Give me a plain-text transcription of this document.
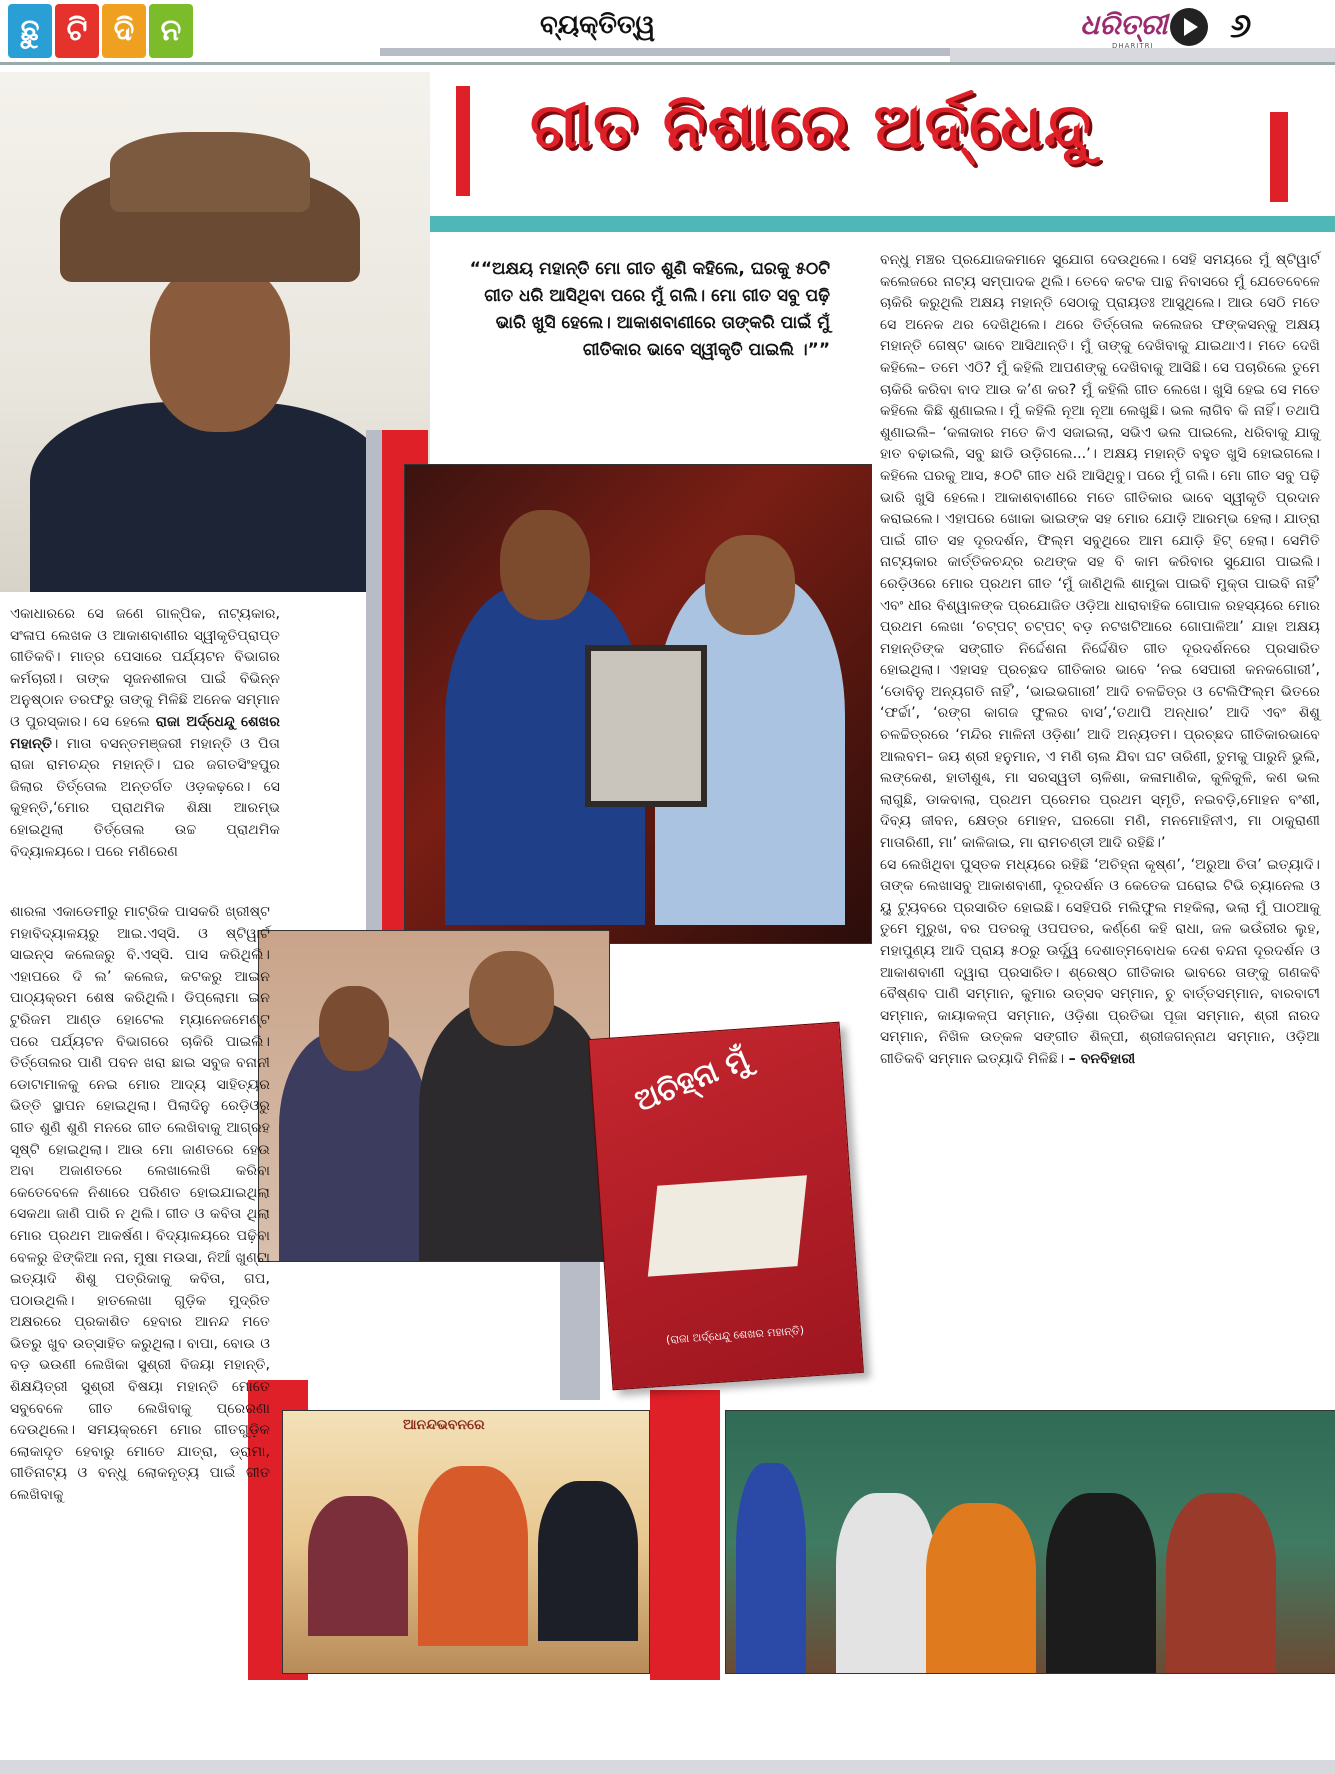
ଛୁ ଟି ଦି ନ	ବ୍ୟକ୍ତିତ୍ୱ	ଧରିତ୍ରୀ
DHARITRI ୬
ଗୀତ ନିଶାରେ ଅର୍ଦ୍ଧେନ୍ଦୁ
““ଅକ୍ଷୟ ମହାନ୍ତି ମୋ ଗୀତ ଶୁଣି କହିଲେ, ଘରକୁ ୫୦ଟି ଗୀତ ଧରି ଆସିଥିବା ପରେ ମୁଁ ଗଲି। ମୋ ଗୀତ ସବୁ ପଢ଼ି ଭାରି ଖୁସି ହେଲେ। ଆକାଶବାଣୀରେ ତାଙ୍କରି ପାଇଁ ମୁଁ ଗୀତିକାର ଭାବେ ସ୍ୱୀକୃତି ପାଇଲି ।””
ଅଚିହ୍ନା ମୁଁ
(ରାଜା ଅର୍ଦ୍ଧେନ୍ଦୁ ଶେଖର ମହାନ୍ତି)
ଆନନ୍ଦଭବନରେ
ଏକାଧାରରେ ସେ ଜଣେ ଗାଳ୍ପିକ, ନାଟ୍ୟକାର, ସଂଳାପ ଲେଖକ ଓ ଆକାଶବାଣୀର ସ୍ୱୀକୃତିପ୍ରାପ୍ତ ଗୀତିକବି। ମାତ୍ର ପେସାରେ ପର୍ଯ୍ୟଟନ ବିଭାଗର କର୍ମଚାରୀ। ତାଙ୍କ ସୃଜନଶୀଳତା ପାଇଁ ବିଭିନ୍ନ ଅନୁଷ୍ଠାନ ତରଫରୁ ତାଙ୍କୁ ମିଳିଛି ଅନେକ ସମ୍ମାନ ଓ ପୁରସ୍କାର। ସେ ହେଲେ ରାଜା ଅର୍ଦ୍ଧେନ୍ଦୁ ଶେଖର ମହାନ୍ତି। ମାତା ବସନ୍ତମଞ୍ଜରୀ ମହାନ୍ତି ଓ ପିତା ରାଜା ରାମଚନ୍ଦ୍ର ମହାନ୍ତି। ଘର ଜଗତସିଂହପୁର ଜିଲାର ତିର୍ତ୍ତୋଲ ଅନ୍ତର୍ଗତ ଓଡ଼କଢ଼ରେ। ସେ କୁହନ୍ତି,‘ମୋର ପ୍ରାଥମିକ ଶିକ୍ଷା ଆରମ୍ଭ ହୋଇଥିଲା ତିର୍ତ୍ତୋଲ ଉଚ୍ଚ ପ୍ରାଥମିକ ବିଦ୍ୟାଳୟରେ। ପରେ ମଣିରେଣ
ଶାରଳା ଏକାଡେମୀରୁ ମାଟ୍ରିକ ପାସକରି ଖ୍ରୀଷ୍ଟ ମହାବିଦ୍ୟାଳୟରୁ ଆଇ.ଏସ୍‌ସି. ଓ ଷ୍ଟିୱାର୍ଟ ସାଇନ୍ସ କଲେଜରୁ ବି.ଏସ୍‌ସି. ପାସ କରିଥିଲି। ଏହାପରେ ଦି ଲ’ କଲେଜ, କଟକରୁ ଆଇନ ପାଠ୍ୟକ୍ରମ ଶେଷ କରିଥିଲି। ଡିପ୍ଲୋମା ଇନ ଟୁରିଜମ ଆଣ୍ଡ ହୋଟେଲ ମ୍ୟାନେଜମେଣ୍ଟ ପରେ ପର୍ଯ୍ୟଟନ ବିଭାଗରେ ଚାକିରି ପାଇଲି। ତିର୍ତ୍ତୋଲର ପାଣି ପବନ ଖରା ଛାଇ ସବୁଜ ବନାନୀ ଡୋଟାମାଳକୁ ନେଇ ମୋର ଆଦ୍ୟ ସାହିତ୍ୟର ଭିତ୍ତି ସ୍ଥାପନ ହୋଇଥିଲା। ପିଲାଦିନୁ ରେଡ଼ିଓରୁ ଗୀତ ଶୁଣି ଶୁଣି ମନରେ ଗୀତ ଲେଖିବାକୁ ଆଗ୍ରହ ସୃଷ୍ଟି ହୋଇଥିଲା। ଆଉ ମୋ ଜାଣତରେ ହେଉ ଅବା ଅଜାଣତରେ ଲେଖାଲେଖି କରିବା କେତେବେଳେ ନିଶାରେ ପରିଣତ ହୋଇଯାଇଥିଲା ସେକଥା ଜାଣି ପାରି ନ ଥିଲି। ଗୀତ ଓ କବିତା ଥିଲା ମୋର ପ୍ରଥମ ଆକର୍ଷଣ। ବିଦ୍ୟାଳୟରେ ପଢ଼ିବା ବେଳରୁ ଝିଙ୍କିଆ ନନା, ମୁଷା ମଉସା, ନିଆଁ ଖୁଣ୍ଟା ଇତ୍ୟାଦି ଶିଶୁ ପତ୍ରିକାକୁ କବିତା, ଗପ, ପଠାଉଥିଲି। ହାତଲେଖା ଗୁଡ଼ିକ ମୁଦ୍ରିତ ଅକ୍ଷରରେ ପ୍ରକାଶିତ ହେବାର ଆନନ୍ଦ ମତେ ଭିତରୁ ଖୁବ ଉତ୍ସାହିତ କରୁଥିଲା। ବାପା, ବୋଉ ଓ ବଡ଼ ଭଉଣୀ ଲେଖିକା ସୁଶ୍ରୀ ବିଜୟା ମହାନ୍ତି, ଶିକ୍ଷୟିତ୍ରୀ ସୁଶ୍ରୀ ବିଷୟା ମହାନ୍ତି ମୋତେ ସବୁବେଳେ ଗୀତ ଲେଖିବାକୁ ପ୍ରେରଣା ଦେଉଥିଲେ। ସମୟକ୍ରମେ ମୋର ଗୀତଗୁଡ଼ିକ ଲୋକାଦୃତ ହେବାରୁ ମୋତେ ଯାତ୍ରା, ଡ୍ରାମା, ଗୀତିନାଟ୍ୟ ଓ ବନ୍ଧୁ ଲୋକନୃତ୍ୟ ପାଇଁ ଗୀତ ଲେଖିବାକୁ
ବନ୍ଧୁ ମଞ୍ଚର ପ୍ରଯୋଜକମାନେ ସୁଯୋଗ ଦେଉଥିଲେ। ସେହି ସମୟରେ ମୁଁ ଷ୍ଟିୱାର୍ଟ କଲେଜରେ ନାଟ୍ୟ ସମ୍ପାଦକ ଥିଲି। ତେବେ କଟକ ପାନ୍ଥ ନିବାସରେ ମୁଁ ଯେତେବେଳେ ଚାକିରି କରୁଥିଲି ଅକ୍ଷୟ ମହାନ୍ତି ସେଠାକୁ ପ୍ରାୟତଃ ଆସୁଥିଲେ। ଆଉ ସେଠି ମତେ ସେ ଅନେକ ଥର ଦେଖିଥିଲେ। ଥରେ ତିର୍ତ୍ତୋଲ କଲେଜର ଫଙ୍କସନ୍‌କୁ ଅକ୍ଷୟ ମହାନ୍ତି ଗେଷ୍ଟ ଭାବେ ଆସିଥାନ୍ତି। ମୁଁ ତାଙ୍କୁ ଦେଖିବାକୁ ଯାଇଥାଏ। ମତେ ଦେଖି କହିଲେ– ତମେ ଏଠି? ମୁଁ କହିଲି ଆପଣଙ୍କୁ ଦେଖିବାକୁ ଆସିଛି। ସେ ପଚାରିଲେ ତୁମେ ଚାକିରି କରିବା ବାଦ ଆଉ କ’ଣ କର? ମୁଁ କହିଲି ଗୀତ ଲେଖେ। ଖୁସି ହେଇ ସେ ମତେ କହିଲେ କିଛି ଶୁଣାଇଲ। ମୁଁ କହିଲି ନୂଆ ନୂଆ ଲେଖୁଛି। ଭଲ ଲାଗିବ କି ନାହିଁ। ତଥାପି ଶୁଣାଇଲି– ‘କଳାକାର ମତେ କିଏ ସଜାଇଲା, ସଭିଏ ଭଲ ପାଇଲେ, ଧରିବାକୁ ଯାକୁ ହାତ ବଢ଼ାଇଲି, ସବୁ ଛାଡି ଉଡ଼ିଗଲେ...’। ଅକ୍ଷୟ ମହାନ୍ତି ବହୁତ ଖୁସି ହୋଇଗଲେ। କହିଲେ ଘରକୁ ଆସ, ୫୦ଟି ଗୀତ ଧରି ଆସିଥିବୁ। ପରେ ମୁଁ ଗଲି। ମୋ ଗୀତ ସବୁ ପଢ଼ି ଭାରି ଖୁସି ହେଲେ। ଆକାଶବାଣୀରେ ମତେ ଗୀତିକାର ଭାବେ ସ୍ୱୀକୃତି ପ୍ରଦାନ କରାଇଲେ। ଏହାପରେ ଖୋକା ଭାଇଙ୍କ ସହ ମୋର ଯୋଡ଼ି ଆରମ୍ଭ ହେଲା। ଯାତ୍ରା ପାଇଁ ଗୀତ ସହ ଦୂରଦର୍ଶନ, ଫିଲ୍ମ ସବୁଥିରେ ଆମ ଯୋଡ଼ି ହିଟ୍ ହେଲା। ସେମିତି ନାଟ୍ୟକାର କାର୍ତ୍ତିକଚନ୍ଦ୍ର ରଥଙ୍କ ସହ ବି କାମ କରିବାର ସୁଯୋଗ ପାଇଲି। ରେଡ଼ିଓରେ ମୋର ପ୍ରଥମ ଗୀତ ‘ମୁଁ ଜାଣିଥିଲି ଶାମୁକା ପାଇବି ମୁକ୍ତା ପାଇବି ନାହିଁ’ ଏବଂ ଧୀର ବିଶ୍ୱାଳଙ୍କ ପ୍ରଯୋଜିତ ଓଡ଼ିଆ ଧାରାବାହିକ ଗୋପାଳ ରହସ୍ୟରେ ମୋର ପ୍ରଥମ ଲେଖା ‘ଚଟ୍‌ପଟ୍ ଚଟ୍‌ପଟ୍ ବଡ଼ ନଟଖଟିଆରେ ଗୋପାଳିଆ’ ଯାହା ଅକ୍ଷୟ ମହାନ୍ତିଙ୍କ ସଙ୍ଗୀତ ନିର୍ଦ୍ଦେଶନା ନିର୍ଦ୍ଦେଶିତ ଗୀତ ଦୂରଦର୍ଶନରେ ପ୍ରସାରିତ ହୋଇଥିଲା। ଏହାସହ ପ୍ରଚ୍ଛଦ ଗୀତିକାର ଭାବେ ‘ନଇ ସେପାରୀ କନକଗୋରୀ’, ‘ଡୋବିନୁ ଅନ୍ୟଗତି ନାହିଁ’, ‘ଭାଇଭଗାରୀ’ ଆଦି ଚଳଚ୍ଚିତ୍ର ଓ ଟେଲିଫିଲ୍ମ ଭିତରେ ‘ଫର୍ଚ୍ଚା’, ‘ରଙ୍ଗ କାଗଜ ଫୁଲର ବାସ’,‘ତଥାପି ଅନ୍ଧାର’ ଆଦି ଏବଂ ଶିଶୁ ଚଳଚ୍ଚିତ୍ରରେ ‘ମନ୍ଦିର ମାଳିନୀ ଓଡ଼ିଶା’ ଆଦି ଅନ୍ୟତମ। ପ୍ରଚ୍ଛଦ ଗୀତିକାରଭାବେ ଆଲବମ– ଜୟ ଶ୍ରୀ ହନୁମାନ, ଏ ମଣି ଚାଲ ଯିବା ଘଟ ତାରିଣୀ, ତୁମକୁ ପାରୁନି ଭୁଲି, ଲଙ୍କେଶ, ହାତୀଶୁଣ୍ଢ, ମା ସରସ୍ୱତୀ ଚାଳିଶା, କଳାମାଣିକ, କୁଳିକୁଳି, କଣ ଭଲ ଲାଗୁଛି, ଡାକବାଲା, ପ୍ରଥମ ପ୍ରେମର ପ୍ରଥମ ସ୍ମୃତି, ନଇବଡ଼ି,ମୋହନ ବଂଶୀ, ଦିବ୍ୟ ଜୀବନ, କ୍ଷେତ୍ର ମୋହନ, ଘରଗୋ ମଣି, ମନମୋହିନୀଏ, ମା ଠାକୁରାଣୀ ମାତାରିଣୀ, ମା’ କାଳିଜାଇ, ମା ରାମଚଣ୍ଡୀ ଆଦି ରହିଛି।’
ସେ ଲେଖିଥିବା ପୁସ୍ତକ ମଧ୍ୟରେ ରହିଛି ‘ଅଚିହ୍ନା କୃଷ୍ଣ’, ‘ଅରୁଆ ଚିତା’ ଇତ୍ୟାଦି। ତାଙ୍କ ଲେଖାସବୁ ଆକାଶବାଣୀ, ଦୂରଦର୍ଶନ ଓ କେତେକ ଘରୋଇ ଟିଭି ଚ୍ୟାନେଲ ଓ ୟୁ ଟ୍ୟୁବରେ ପ୍ରସାରିତ ହୋଇଛି। ସେହିପରି ମଲିଫୁଲ ମହକିଲା, ଭଲା ମୁଁ ପାଠଆକୁ ତୁମେ ମୁରୁଖ, ବର ପତରକୁ ଓପପତର, କର୍ଣ୍ଣେ କହି ରାଧା, ଜଳ ଭଉଁରୀର ଲୁହ, ମହାପୁଣ୍ୟ ଆଦି ପ୍ରାୟ ୫୦ରୁ ଊର୍ଦ୍ଧ୍ୱ ଦେଶାତ୍ମବୋଧକ ଦେଶ ବନ୍ଦନା ଦୂରଦର୍ଶନ ଓ ଆକାଶବାଣୀ ଦ୍ୱାରା ପ୍ରସାରିତ। ଶ୍ରେଷ୍ଠ ଗୀତିକାର ଭାବରେ ତାଙ୍କୁ ଗଣକବି ବୈଷ୍ଣବ ପାଣି ସମ୍ମାନ, କୁମାର ଉତ୍ସବ ସମ୍ମାନ, ଚୁ ବାର୍ତ୍ତସମ୍ମାନ, ବାରବାଟୀ ସମ୍ମାନ, କାୟାକଳ୍ପ ସମ୍ମାନ, ଓଡ଼ିଶା ପ୍ରତିଭା ପୂଜା ସମ୍ମାନ, ଶ୍ରୀ ନାରଦ ସମ୍ମାନ, ନିଖିଳ ଉତ୍କଳ ସଙ୍ଗୀତ ଶିଳ୍ପୀ, ଶ୍ରୀଜଗନ୍ନାଥ ସମ୍ମାନ, ଓଡ଼ିଆ ଗୀତିକବି ସମ୍ମାନ ଇତ୍ୟାଦି ମିଳିଛି। – ବନବିହାରୀ
